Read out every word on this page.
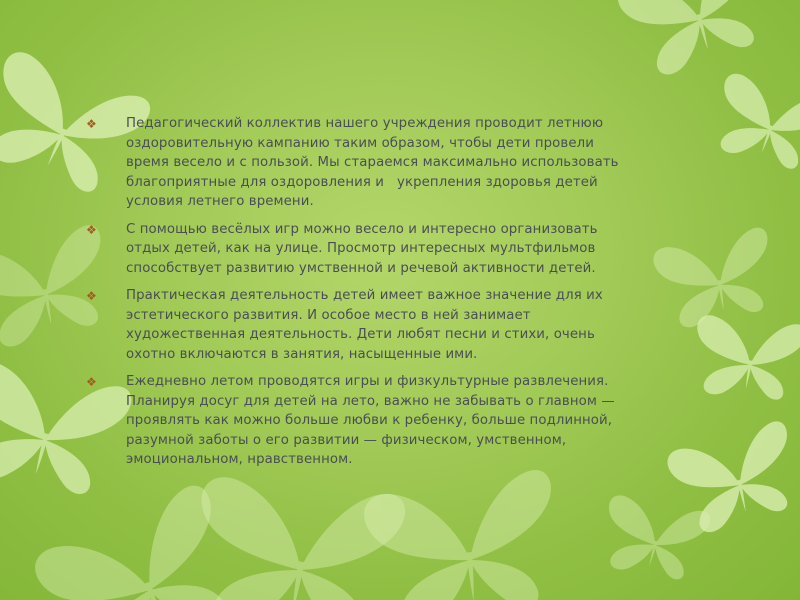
❖ Педагогический коллектив нашего учреждения проводит летнюю
оздоровительную кампанию таким образом, чтобы дети провели
время весело и с пользой. Мы стараемся максимально использовать
благоприятные для оздоровления и   укрепления здоровья детей
условия летнего времени.
❖ С помощью весёлых игр можно весело и интересно организовать
отдых детей, как на улице. Просмотр интересных мультфильмов
способствует развитию умственной и речевой активности детей.
❖ Практическая деятельность детей имеет важное значение для их
эстетического развития. И особое место в ней занимает
художественная деятельность. Дети любят песни и стихи, очень
охотно включаются в занятия, насыщенные ими.
❖ Ежедневно летом проводятся игры и физкультурные развлечения.
Планируя досуг для детей на лето, важно не забывать о главном —
проявлять как можно больше любви к ребенку, больше подлинной,
разумной заботы о его развитии — физическом, умственном,
эмоциональном, нравственном.
